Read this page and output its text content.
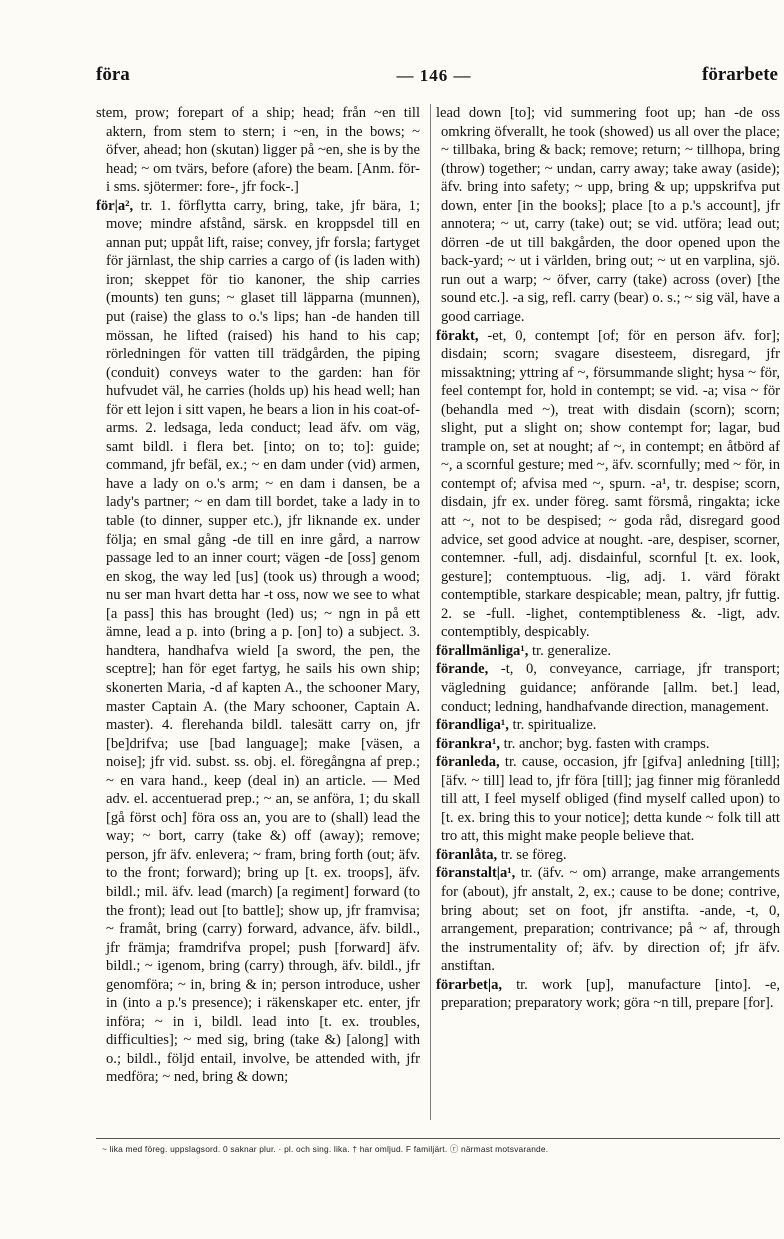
föra	— 146 —	förarbete

stem, prow; forepart of a ship; head; från ~en till aktern, from stem to stern; i ~en, in the bows; ~ öfver, ahead; hon (skutan) ligger på ~en, she is by the head; ~ om tvärs, before (afore) the beam. [Anm. för- i sms. sjötermer: fore-, jfr fock-.]

för|a², tr. 1. förflytta carry, bring, take, jfr bära, 1; move; mindre afstånd, särsk. en kroppsdel till en annan put; uppåt lift, raise; convey, jfr forsla; fartyget för järnlast, the ship carries a cargo of (is laden with) iron; skeppet för tio kanoner, the ship carries (mounts) ten guns; ~ glaset till läpparna (munnen), put (raise) the glass to o.'s lips; han -de handen till mössan, he lifted (raised) his hand to his cap; rörledningen för vatten till trädgården, the piping (conduit) conveys water to the garden: han för hufvudet väl, he carries (holds up) his head well; han för ett lejon i sitt vapen, he bears a lion in his coat-of-arms. 2. ledsaga, leda conduct; lead äfv. om väg, samt bildl. i flera bet. [into; on to; to]: guide; command, jfr befäl, ex.; ~ en dam under (vid) armen, have a lady on o.'s arm; ~ en dam i dansen, be a lady's partner; ~ en dam till bordet, take a lady in to table (to dinner, supper etc.), jfr liknande ex. under följa; en smal gång -de till en inre gård, a narrow passage led to an inner court; vägen -de [oss] genom en skog, the way led [us] (took us) through a wood; nu ser man hvart detta har -t oss, now we see to what [a pass] this has brought (led) us; ~ ngn in på ett ämne, lead a p. into (bring a p. [on] to) a subject. 3. handtera, handhafva wield [a sword, the pen, the sceptre]; han för eget fartyg, he sails his own ship; skonerten Maria, -d af kapten A., the schooner Mary, master Captain A. (the Mary schooner, Captain A. master). 4. flerehanda bildl. talesätt carry on, jfr [be]drifva; use [bad language]; make [väsen, a noise]; jfr vid. subst. ss. obj. el. föregångna af prep.; ~ en vara hand., keep (deal in) an article. — Med adv. el. accentuerad prep.; ~ an, se anföra, 1; du skall [gå först och] föra oss an, you are to (shall) lead the way; ~ bort, carry (take &) off (away); remove; person, jfr äfv. enlevera; ~ fram, bring forth (out; äfv. to the front; forward); bring up [t. ex. troops], äfv. bildl.; mil. äfv. lead (march) [a regiment] forward (to the front); lead out [to battle]; show up, jfr framvisa; ~ framåt, bring (carry) forward, advance, äfv. bildl., jfr främja; framdrifva propel; push [forward] äfv. bildl.; ~ igenom, bring (carry) through, äfv. bildl., jfr genomföra; ~ in, bring & in; person introduce, usher in (into a p.'s presence); i räkenskaper etc. enter, jfr införa; ~ in i, bildl. lead into [t. ex. troubles, difficulties]; ~ med sig, bring (take &) [along] with o.; bildl., följd entail, involve, be attended with, jfr medföra; ~ ned, bring & down;

lead down [to]; vid summering foot up; han -de oss omkring öfverallt, he took (showed) us all over the place; ~ tillbaka, bring & back; remove; return; ~ tillhopa, bring (throw) together; ~ undan, carry away; take away (aside); äfv. bring into safety; ~ upp, bring & up; uppskrifva put down, enter [in the books]; place [to a p.'s account], jfr annotera; ~ ut, carry (take) out; se vid. utföra; lead out; dörren -de ut till bakgården, the door opened upon the back-yard; ~ ut i världen, bring out; ~ ut en varplina, sjö. run out a warp; ~ öfver, carry (take) across (over) [the sound etc.]. -a sig, refl. carry (bear) o. s.; ~ sig väl, have a good carriage.

förakt, -et, 0, contempt [of; för en person äfv. for]; disdain; scorn; svagare disesteem, disregard, jfr missaktning; yttring af ~, försummande slight; hysa ~ för, feel contempt for, hold in contempt; se vid. -a; visa ~ för (behandla med ~), treat with disdain (scorn); scorn; slight, put a slight on; show contempt for; lagar, bud trample on, set at nought; af ~, in contempt; en åtbörd af ~, a scornful gesture; med ~, äfv. scornfully; med ~ för, in contempt of; afvisa med ~, spurn. -a¹, tr. despise; scorn, disdain, jfr ex. under föreg. samt försmå, ringakta; icke att ~, not to be despised; ~ goda råd, disregard good advice, set good advice at nought. -are, despiser, scorner, contemner. -full, adj. disdainful, scornful [t. ex. look, gesture]; contemptuous. -lig, adj. 1. värd förakt contemptible, starkare despicable; mean, paltry, jfr futtig. 2. se -full. -lighet, contemptibleness &. -ligt, adv. contemptibly, despicably.

förallmänliga¹, tr. generalize.

förande, -t, 0, conveyance, carriage, jfr transport; vägledning guidance; anförande [allm. bet.] lead, conduct; ledning, handhafvande direction, management.

förandliga¹, tr. spiritualize.

förankra¹, tr. anchor; byg. fasten with cramps.

föranleda, tr. cause, occasion, jfr [gifva] anledning [till]; [äfv. ~ till] lead to, jfr föra [till]; jag finner mig föranledd till att, I feel myself obliged (find myself called upon) to [t. ex. bring this to your notice]; detta kunde ~ folk till att tro att, this might make people believe that.

föranlåta, tr. se föreg.

föranstalt|a¹, tr. (äfv. ~ om) arrange, make arrangements for (about), jfr anstalt, 2, ex.; cause to be done; contrive, bring about; set on foot, jfr anstifta. -ande, -t, 0, arrangement, preparation; contrivance; på ~ af, through the instrumentality of; äfv. by direction of; jfr äfv. anstiftan.

förarbet|a, tr. work [up], manufacture [into]. -e, preparation; preparatory work; göra ~n till, prepare [for].

~ lika med föreg. uppslagsord. 0 saknar plur. · pl. och sing. lika. † har omljud. F familjärt. ⓡ närmast motsvarande.
